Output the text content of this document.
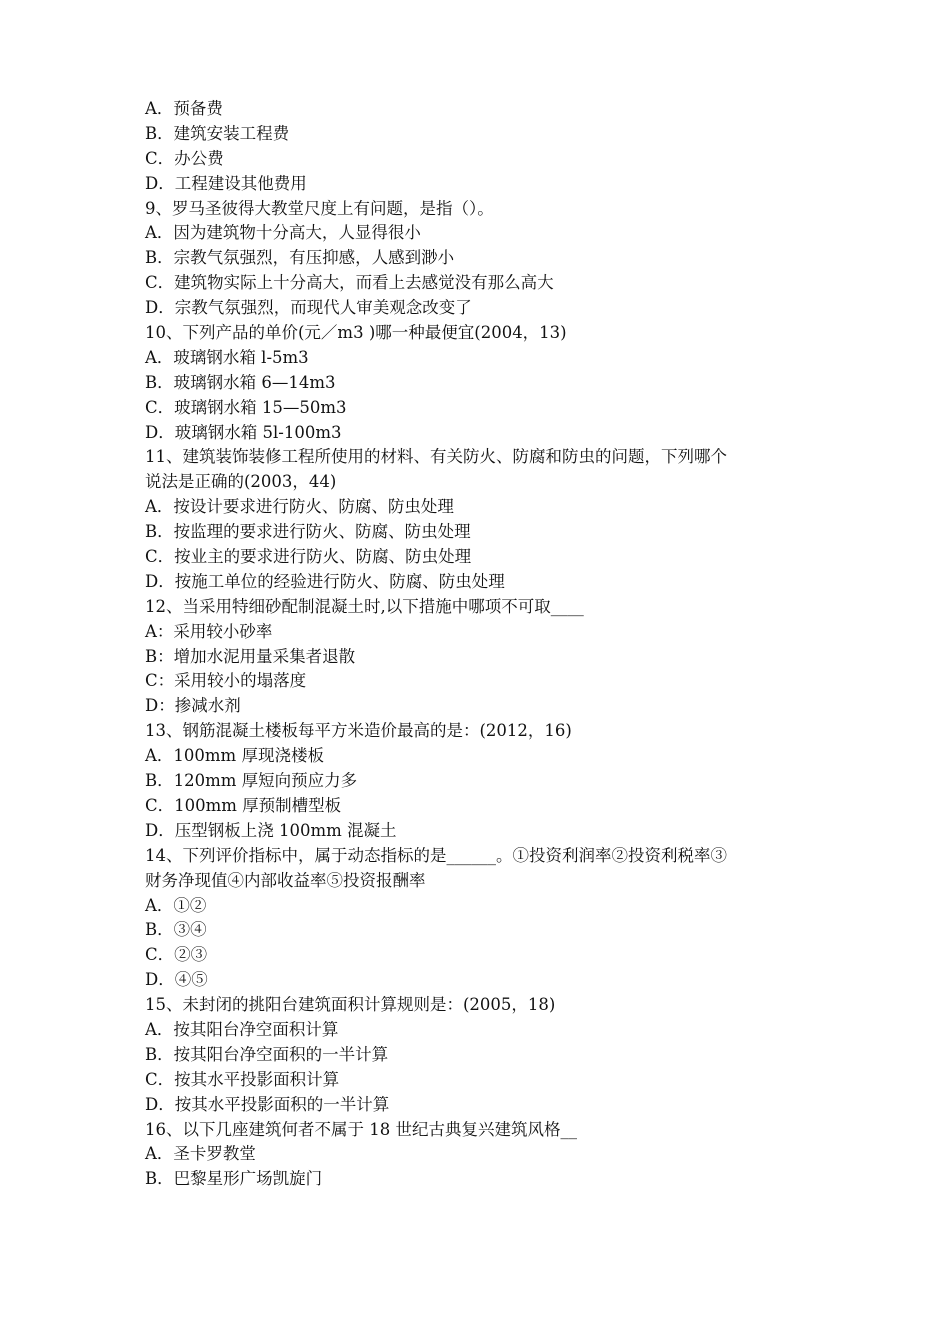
A．预备费
B．建筑安装工程费
C．办公费
D．工程建设其他费用
9、罗马圣彼得大教堂尺度上有问题，是指（）。
A．因为建筑物十分高大，人显得很小
B．宗教气氛强烈，有压抑感，人感到渺小
C．建筑物实际上十分高大，而看上去感觉没有那么高大
D．宗教气氛强烈，而现代人审美观念改变了
10、下列产品的单价(元／m3 )哪一种最便宜(2004，13)
A．玻璃钢水箱 l-5m3
B．玻璃钢水箱 6—14m3
C．玻璃钢水箱 15—50m3
D．玻璃钢水箱 5l-100m3
11、建筑装饰装修工程所使用的材料、有关防火、防腐和防虫的问题，下列哪个
说法是正确的(2003，44)
A．按设计要求进行防火、防腐、防虫处理
B．按监理的要求进行防火、防腐、防虫处理
C．按业主的要求进行防火、防腐、防虫处理
D．按施工单位的经验进行防火、防腐、防虫处理
12、当采用特细砂配制混凝土时,以下措施中哪项不可取____
A：采用较小砂率
B：增加水泥用量采集者退散
C：采用较小的塌落度
D：掺减水剂
13、钢筋混凝土楼板每平方米造价最高的是：(2012，16)
A．100mm 厚现浇楼板
B．120mm 厚短向预应力多
C．100mm 厚预制槽型板
D．压型钢板上浇 100mm 混凝土
14、下列评价指标中，属于动态指标的是______。①投资利润率②投资利税率③
财务净现值④内部收益率⑤投资报酬率
A．①②
B．③④
C．②③
D．④⑤
15、未封闭的挑阳台建筑面积计算规则是：(2005，18)
A．按其阳台净空面积计算
B．按其阳台净空面积的一半计算
C．按其水平投影面积计算
D．按其水平投影面积的一半计算
16、以下几座建筑何者不属于 18 世纪古典复兴建筑风格__
A．圣卡罗教堂
B．巴黎星形广场凯旋门
